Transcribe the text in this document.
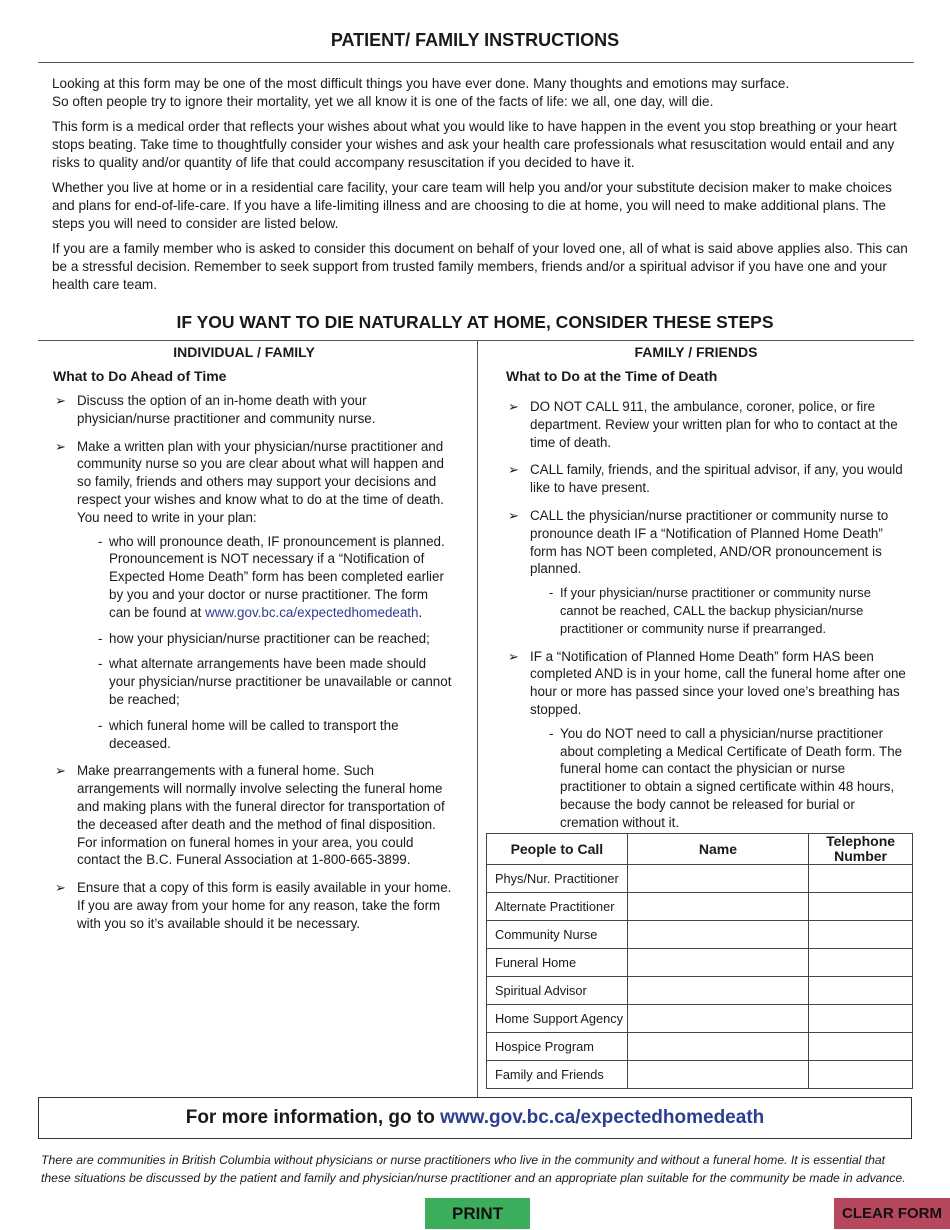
PATIENT/ FAMILY INSTRUCTIONS

Looking at this form may be one of the most difficult things you have ever done. Many thoughts and emotions may surface.
So often people try to ignore their mortality, yet we all know it is one of the facts of life: we all, one day, will die.

This form is a medical order that reflects your wishes about what you would like to have happen in the event you stop breathing or your heart stops beating. Take time to thoughtfully consider your wishes and ask your health care professionals what resuscitation would entail and any risks to quality and/or quantity of life that could accompany resuscitation if you decided to have it.

Whether you live at home or in a residential care facility, your care team will help you and/or your substitute decision maker to make choices and plans for end-of-life-care. If you have a life-limiting illness and are choosing to die at home, you will need to make additional plans. The steps you will need to consider are listed below.

If you are a family member who is asked to consider this document on behalf of your loved one, all of what is said above applies also. This can be a stressful decision. Remember to seek support from trusted family members, friends and/or a spiritual advisor if you have one and your health care team.

IF YOU WANT TO DIE NATURALLY AT HOME, CONSIDER THESE STEPS
INDIVIDUAL / FAMILY
What to Do Ahead of Time
➢ Discuss the option of an in-home death with your physician/nurse practitioner and community nurse.
➢ Make a written plan with your physician/nurse practitioner and community nurse so you are clear about what will happen and so family, friends and others may support your decisions and respect your wishes and know what to do at the time of death. You need to write in your plan:
- who will pronounce death, IF pronouncement is planned. Pronouncement is NOT necessary if a “Notification of Expected Home Death” form has been completed earlier by you and your doctor or nurse practitioner. The form can be found at www.gov.bc.ca/expectedhomedeath.
- how your physician/nurse practitioner can be reached;
- what alternate arrangements have been made should your physician/nurse practitioner be unavailable or cannot be reached;
- which funeral home will be called to transport the deceased.
➢ Make prearrangements with a funeral home. Such arrangements will normally involve selecting the funeral home and making plans with the funeral director for transportation of the deceased after death and the method of final disposition. For information on funeral homes in your area, you could contact the B.C. Funeral Association at 1-800-665-3899.
➢ Ensure that a copy of this form is easily available in your home. If you are away from your home for any reason, take the form with you so it’s available should it be necessary.
FAMILY / FRIENDS
What to Do at the Time of Death
➢ DO NOT CALL 911, the ambulance, coroner, police, or fire department. Review your written plan for who to contact at the time of death.
➢ CALL family, friends, and the spiritual advisor, if any, you would like to have present.
➢ CALL the physician/nurse practitioner or community nurse to pronounce death IF a “Notification of Planned Home Death” form has NOT been completed, AND/OR pronouncement is planned.
- If your physician/nurse practitioner or community nurse cannot be reached, CALL the backup physician/nurse practitioner or community nurse if prearranged.
➢ IF a “Notification of Planned Home Death” form HAS been completed AND is in your home, call the funeral home after one hour or more has passed since your loved one’s breathing has stopped.
- You do NOT need to call a physician/nurse practitioner about completing a Medical Certificate of Death form. The funeral home can contact the physician or nurse practitioner to obtain a signed certificate within 48 hours, because the body cannot be released for burial or cremation without it.
People to Call	Name	Telephone Number
Phys/Nur. Practitioner		
Alternate Practitioner		
Community Nurse		
Funeral Home		
Spiritual Advisor		
Home Support Agency		
Hospice Program		
Family and Friends		
For more information, go to www.gov.bc.ca/expectedhomedeath
There are communities in British Columbia without physicians or nurse practitioners who live in the community and without a funeral home. It is essential that these situations be discussed by the patient and family and physician/nurse practitioner and an appropriate plan suitable for the community be made in advance.
PRINT	CLEAR FORM
